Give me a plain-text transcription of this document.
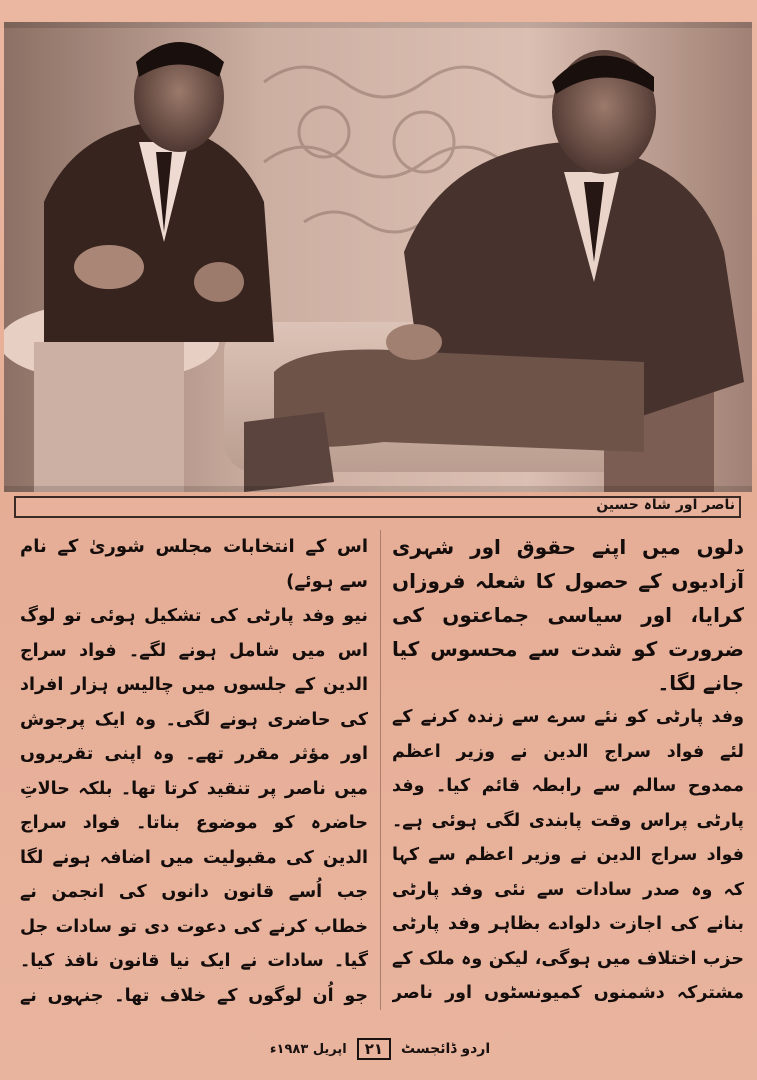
ناصر اور شاہ حسین

دلوں میں اپنے حقوق اور شہری آزادیوں کے حصول کا شعلہ فروزاں کرایا، اور سیاسی جماعتوں کی ضرورت کو شدت سے محسوس کیا جانے لگا۔

وفد پارٹی کو نئے سرے سے زندہ کرنے کے لئے فواد سراج الدین نے وزیر اعظم ممدوح سالم سے رابطہ قائم کیا۔ وفد پارٹی پراس وقت پابندی لگی ہوئی ہے۔ فواد سراج الدین نے وزیر اعظم سے کہا کہ وہ صدر سادات سے نئی وفد پارٹی بنانے کی اجازت دلوادے بظاہر وفد پارٹی حزب اختلاف میں ہوگی، لیکن وہ ملک کے مشترکہ دشمنوں کمیونسٹوں اور ناصر

اس کے انتخابات مجلس شوریٰ کے نام سے ہوئے)

نیو وفد پارٹی کی تشکیل ہوئی تو لوگ اس میں شامل ہونے لگے۔ فواد سراج الدین کے جلسوں میں چالیس ہزار افراد کی حاضری ہونے لگی۔ وہ ایک پرجوش اور مؤثر مقرر تھے۔ وہ اپنی تقریروں میں ناصر پر تنقید کرتا تھا۔ بلکہ حالاتِ حاضرہ کو موضوع بناتا۔ فواد سراج الدین کی مقبولیت میں اضافہ ہونے لگا جب اُسے قانون دانوں کی انجمن نے خطاب کرنے کی دعوت دی تو سادات جل گیا۔ سادات نے ایک نیا قانون نافذ کیا۔ جو اُن لوگوں کے خلاف تھا۔ جنہوں نے

اردو ڈائجسٹ
۲۱
اپریل ۱۹۸۳ء
